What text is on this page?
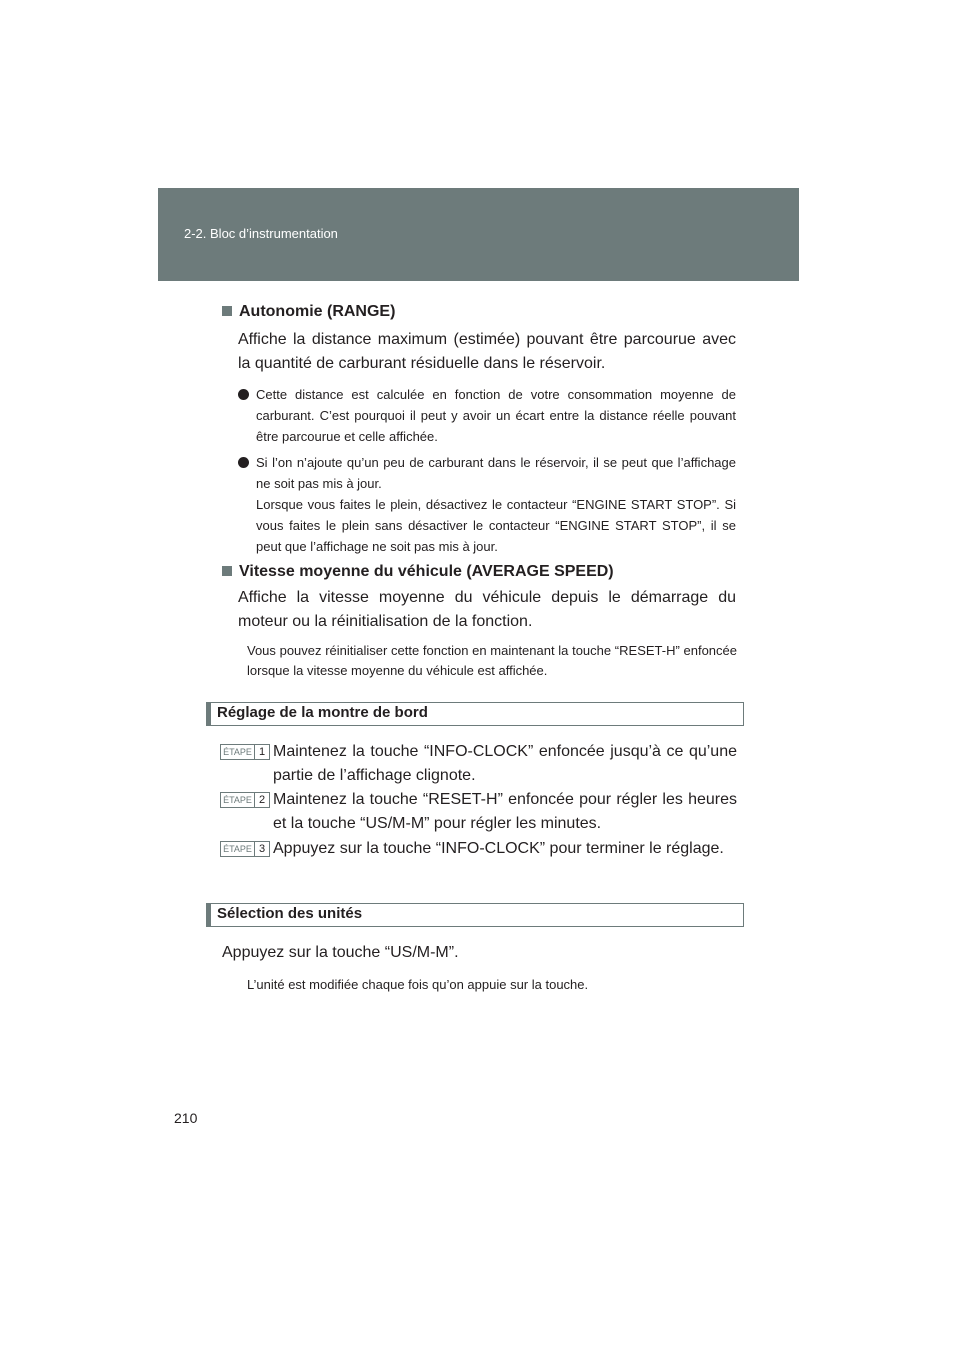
2-2. Bloc d’instrumentation
Autonomie (RANGE)
Affiche la distance maximum (estimée) pouvant être parcourue avec la quantité de carburant résiduelle dans le réservoir.
Cette distance est calculée en fonction de votre consommation moyenne de carburant. C’est pourquoi il peut y avoir un écart entre la distance réelle pouvant être parcourue et celle affichée.
Si l’on n’ajoute qu’un peu de carburant dans le réservoir, il se peut que l’affichage ne soit pas mis à jour.
Lorsque vous faites le plein, désactivez le contacteur “ENGINE START STOP”. Si vous faites le plein sans désactiver le contacteur “ENGINE START STOP”, il se peut que l’affichage ne soit pas mis à jour.
Vitesse moyenne du véhicule (AVERAGE SPEED)
Affiche la vitesse moyenne du véhicule depuis le démarrage du moteur ou la réinitialisation de la fonction.
Vous pouvez réinitialiser cette fonction en maintenant la touche “RESET-H” enfoncée lorsque la vitesse moyenne du véhicule est affichée.
Réglage de la montre de bord
ÉTAPE 1 Maintenez la touche “INFO-CLOCK” enfoncée jusqu’à ce qu’une partie de l’affichage clignote.
ÉTAPE 2 Maintenez la touche “RESET-H” enfoncée pour régler les heures et la touche “US/M-M” pour régler les minutes.
ÉTAPE 3 Appuyez sur la touche “INFO-CLOCK” pour terminer le réglage.
Sélection des unités
Appuyez sur la touche “US/M-M”.
L’unité est modifiée chaque fois qu’on appuie sur la touche.
210
